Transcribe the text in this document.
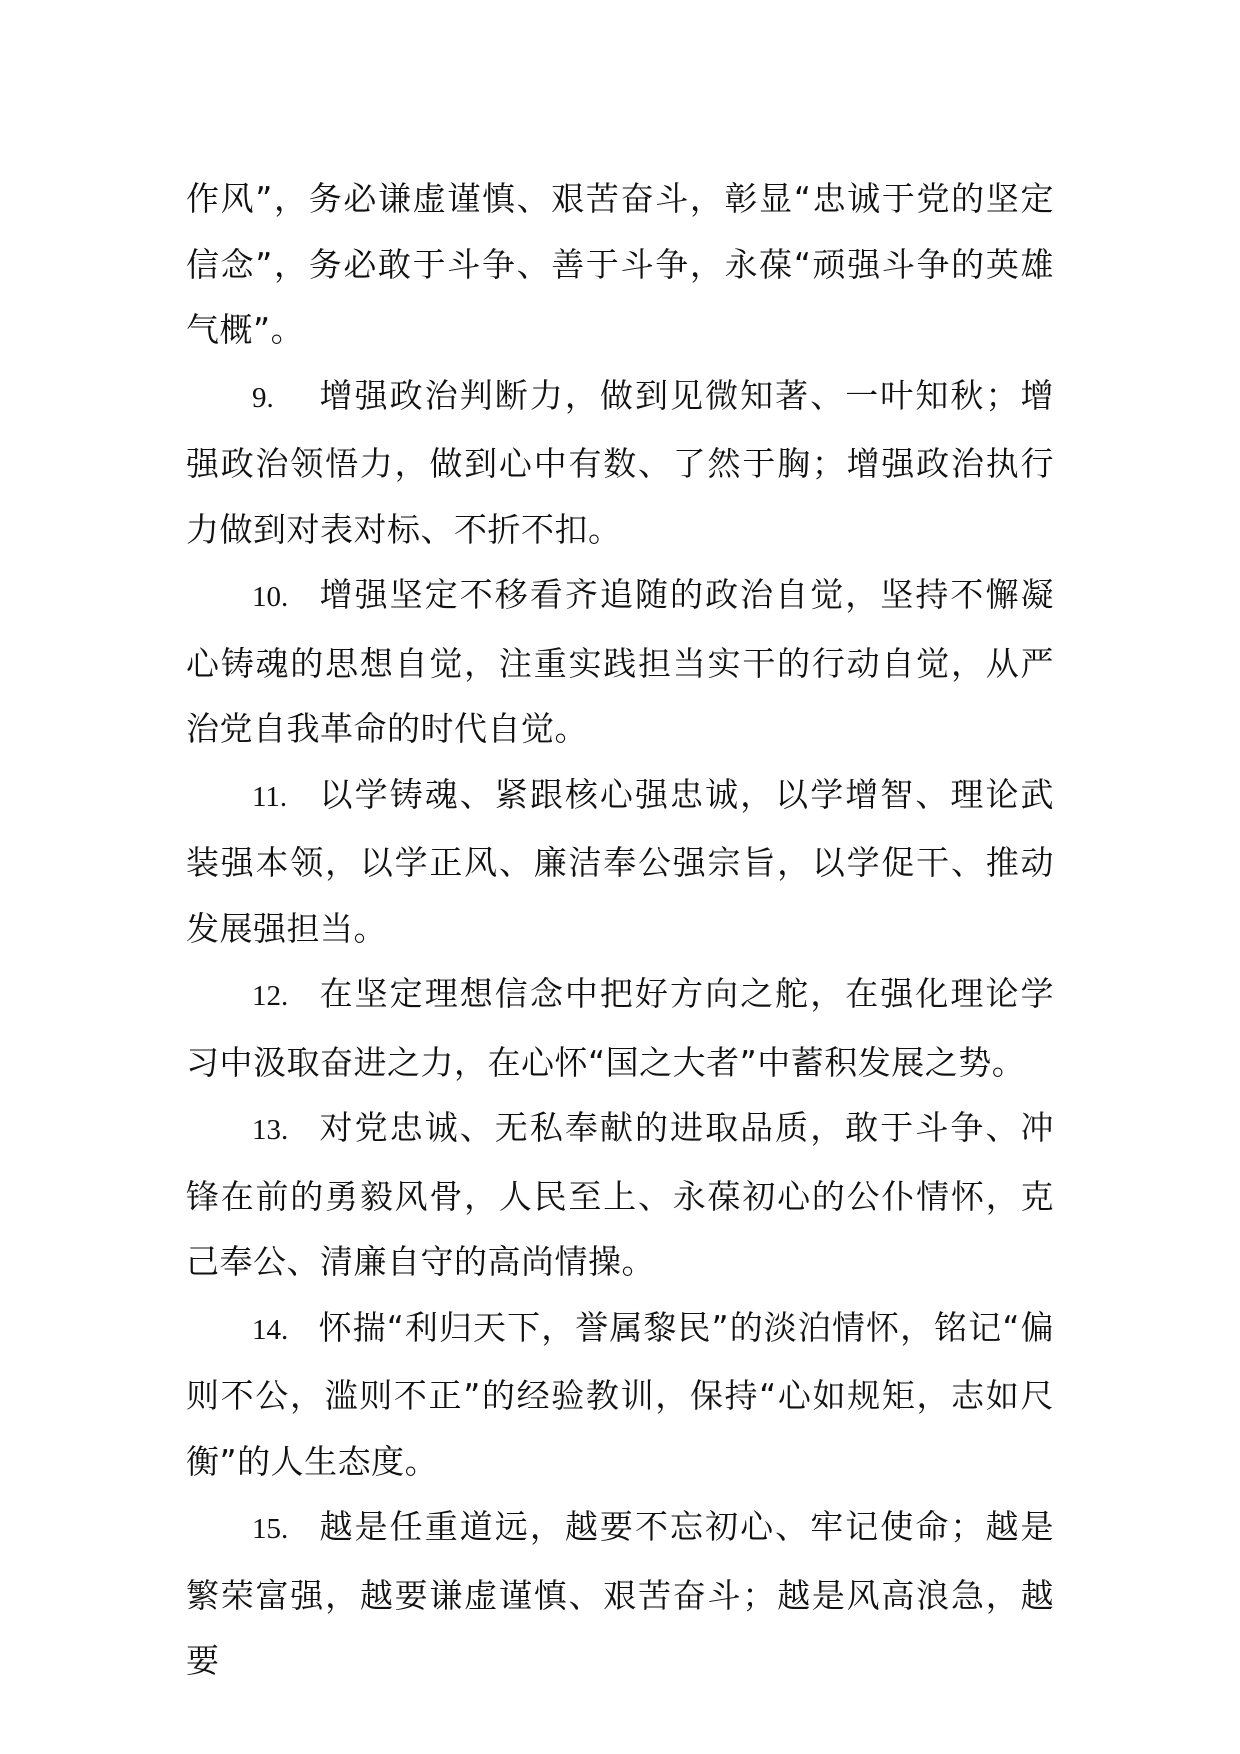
作风”，务必谦虚谨慎、艰苦奋斗，彰显“忠诚于党的坚定信念”，务必敢于斗争、善于斗争，永葆“顽强斗争的英雄气概”。

9. 增强政治判断力，做到见微知著、一叶知秋；增强政治领悟力，做到心中有数、了然于胸；增强政治执行力做到对表对标、不折不扣。

10. 增强坚定不移看齐追随的政治自觉，坚持不懈凝心铸魂的思想自觉，注重实践担当实干的行动自觉，从严治党自我革命的时代自觉。

11. 以学铸魂、紧跟核心强忠诚，以学增智、理论武装强本领，以学正风、廉洁奉公强宗旨，以学促干、推动发展强担当。

12. 在坚定理想信念中把好方向之舵，在强化理论学习中汲取奋进之力，在心怀“国之大者”中蓄积发展之势。

13. 对党忠诚、无私奉献的进取品质，敢于斗争、冲锋在前的勇毅风骨，人民至上、永葆初心的公仆情怀，克己奉公、清廉自守的高尚情操。

14. 怀揣“利归天下，誉属黎民”的淡泊情怀，铭记“偏则不公，滥则不正”的经验教训，保持“心如规矩，志如尺衡”的人生态度。

15. 越是任重道远，越要不忘初心、牢记使命；越是繁荣富强，越要谦虚谨慎、艰苦奋斗；越是风高浪急，越要
